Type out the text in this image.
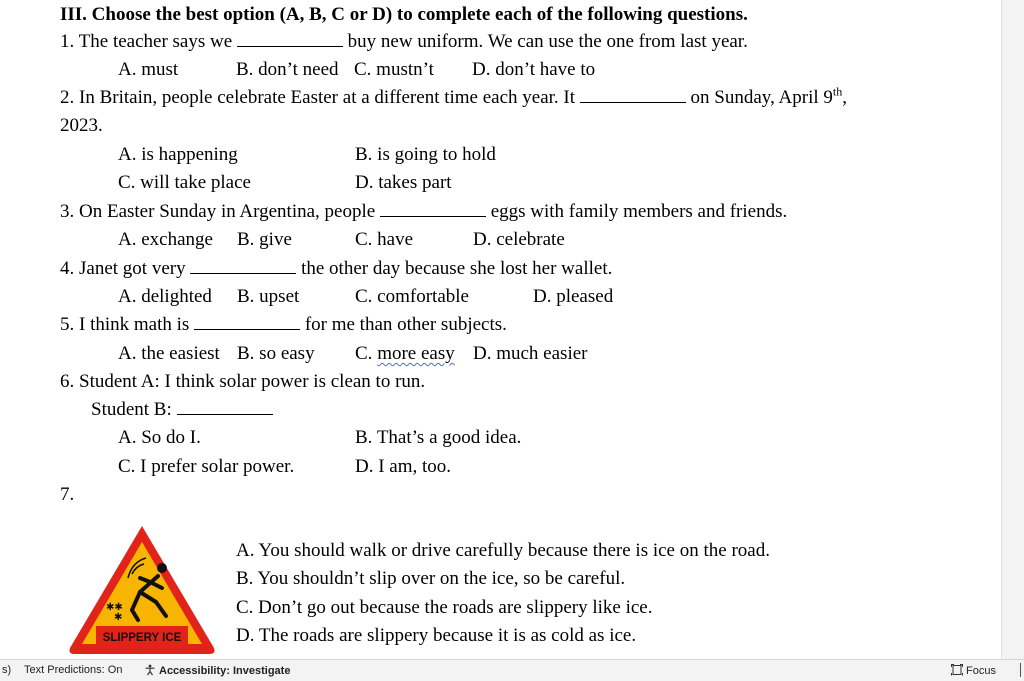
III. Choose the best option (A, B, C or D) to complete each of the following questions.
1. The teacher says we	buy new uniform. We can use the one from last year.
A. must	B. don’t need C. mustn’t D. don’t have to
2. In Britain, people celebrate Easter at a different time each year. It	on Sunday, April 9th,
2023.
A. is happening	B. is going to hold
C. will take place	D. takes part
3. On Easter Sunday in Argentina, people	eggs with family members and friends.
A. exchange B. give	C. have	D. celebrate
4. Janet got very	the other day because she lost her wallet.
A. delighted B. upset	C. comfortable	D. pleased
5. I think math is	for me than other subjects.
A. the easiest B. so easy C. more easy D. much easier
6. Student A: I think solar power is clean to run.
Student B:
A. So do I.	B. That’s a good idea.
C. I prefer solar power.	D. I am, too.
7.
SLIPPERY ICE
✱✱
✱
A. You should walk or drive carefully because there is ice on the road.
B. You shouldn’t slip over on the ice, so be careful.
C. Don’t go out because the roads are slippery like ice.
D. The roads are slippery because it is as cold as ice.
s) Text Predictions: On	Accessibility: Investigate	Focus
